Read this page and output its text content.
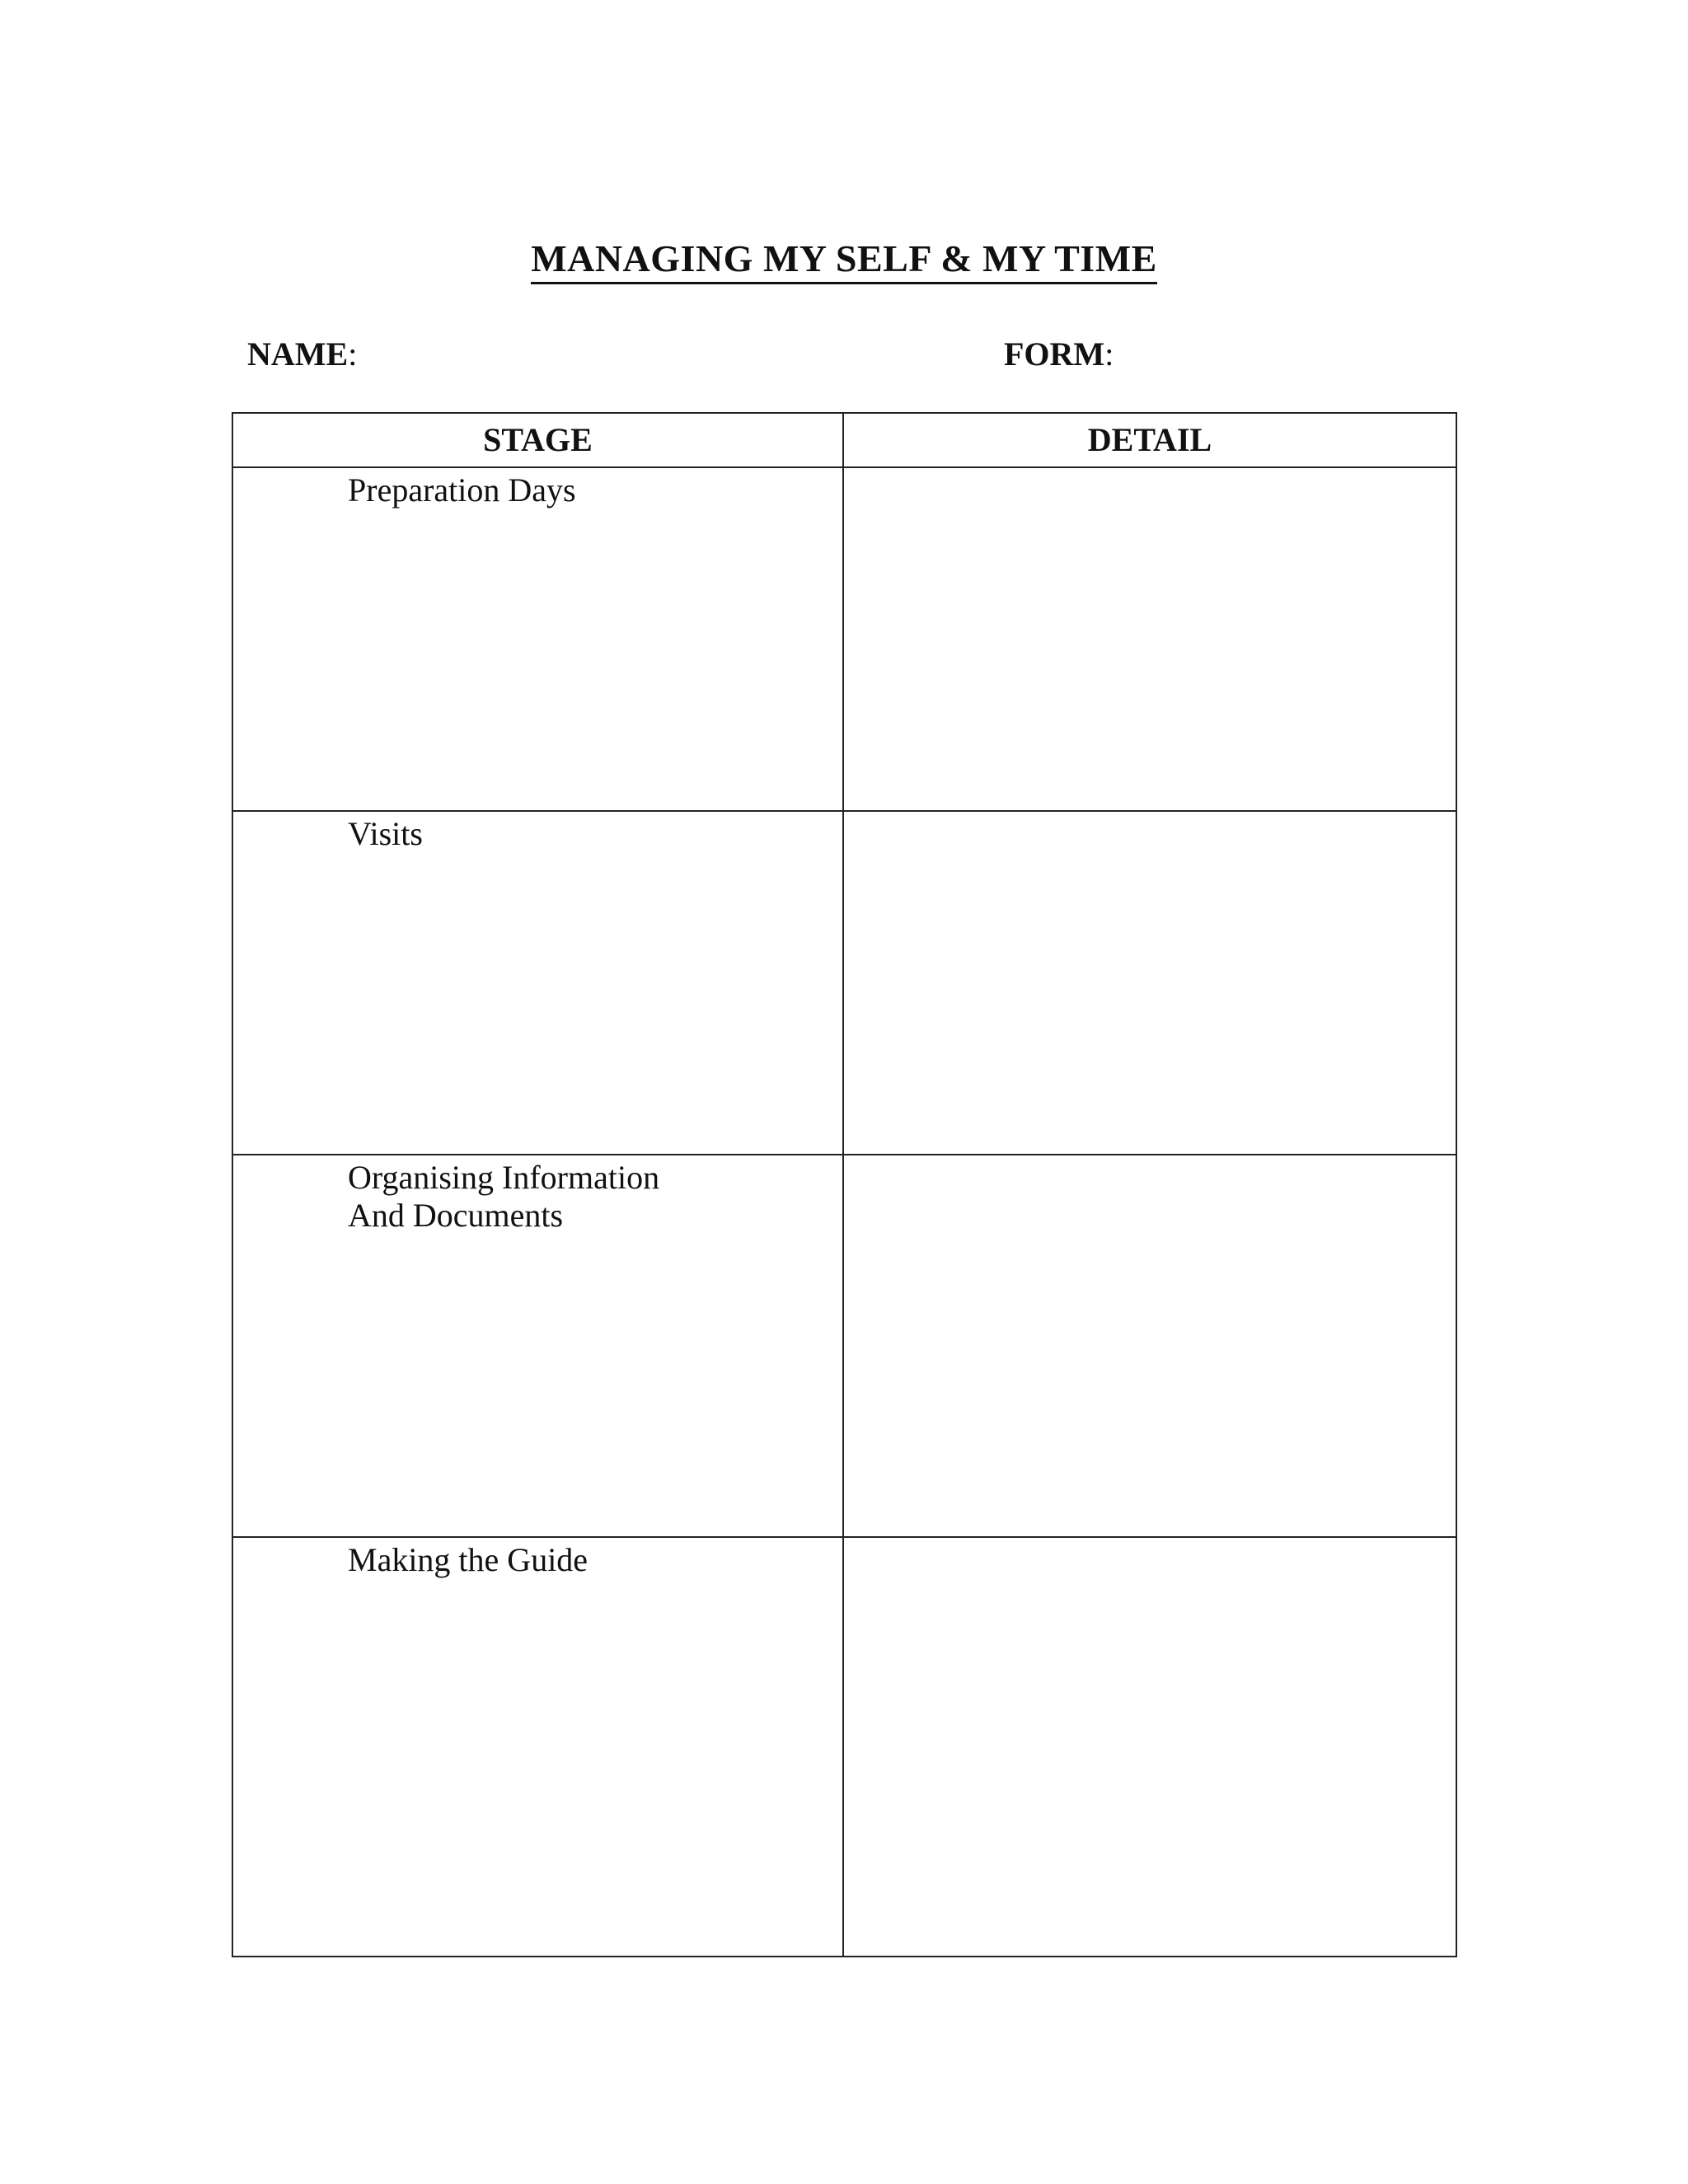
MANAGING MY SELF & MY TIME
NAME:	FORM:
STAGE	DETAIL

Preparation Days	

Visits	

Organising Information
And Documents	

Making the Guide	
